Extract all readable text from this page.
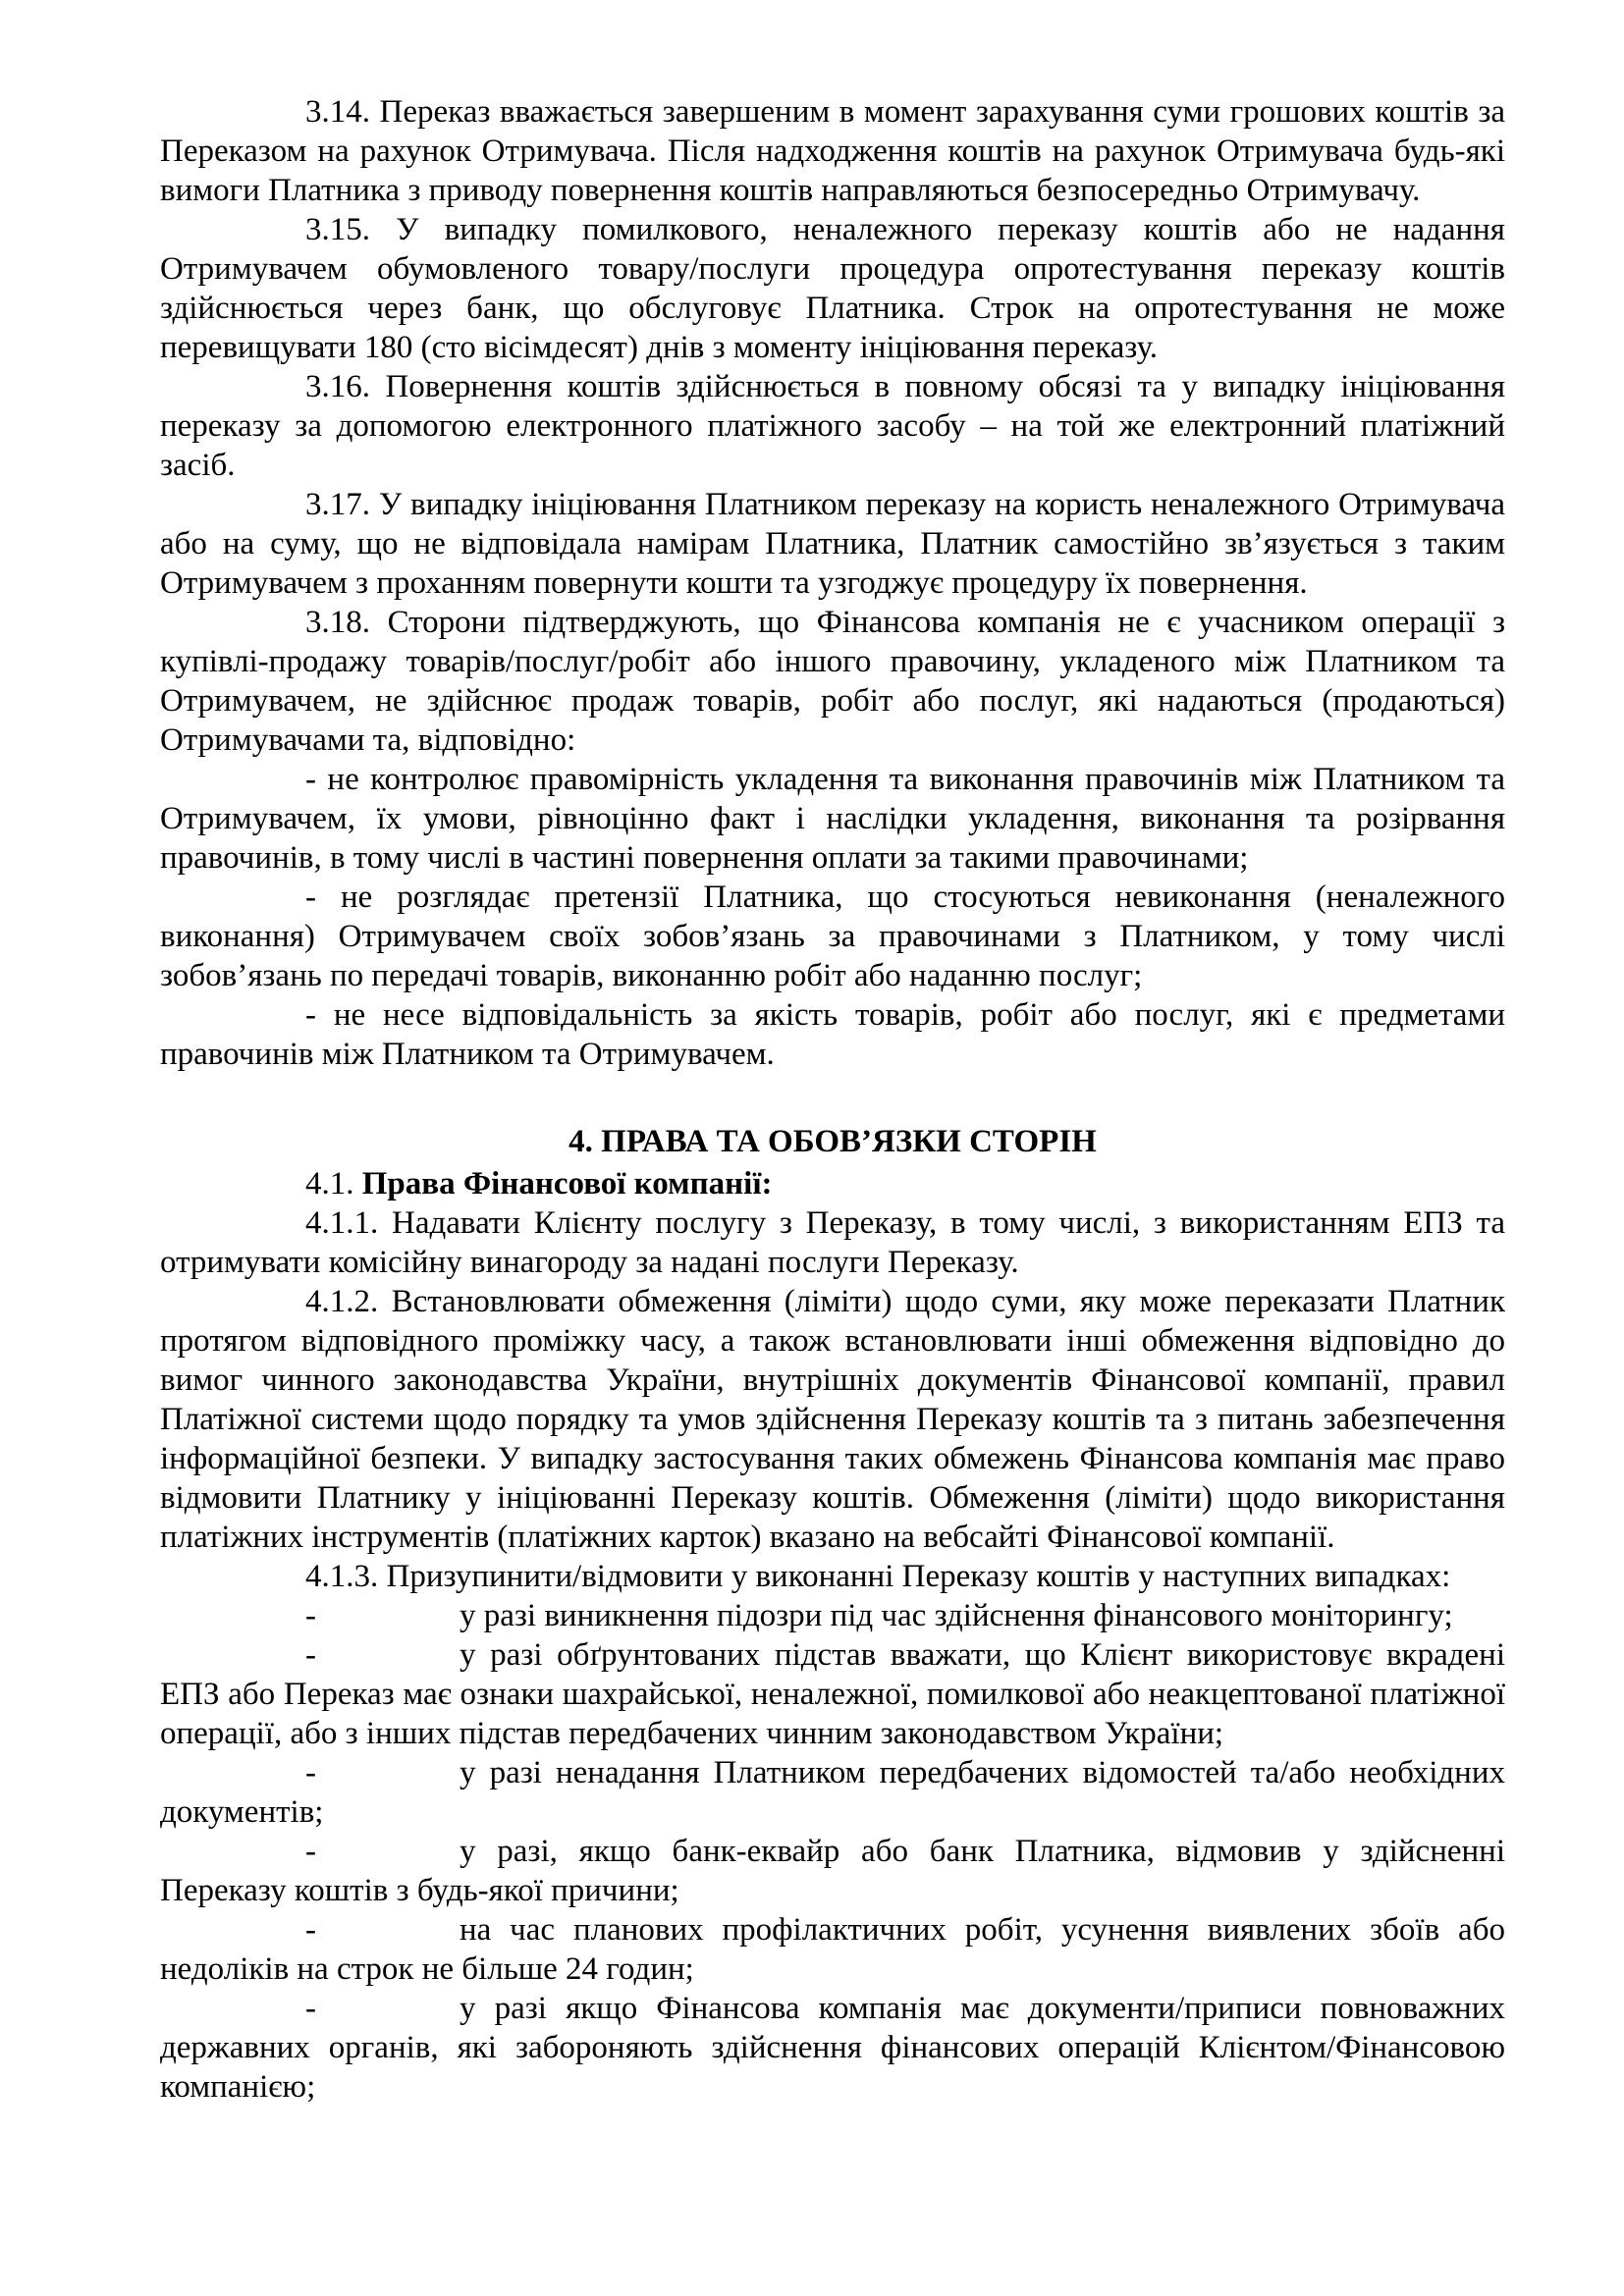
3.14. Переказ вважається завершеним в момент зарахування суми грошових коштів за Переказом на рахунок Отримувача. Після надходження коштів на рахунок Отримувача будь-які вимоги Платника з приводу повернення коштів направляються безпосередньо Отримувачу.

3.15. У випадку помилкового, неналежного переказу коштів або не надання Отримувачем обумовленого товару/послуги процедура опротестування переказу коштів здійснюється через банк, що обслуговує Платника. Строк на опротестування не може перевищувати 180 (сто вісімдесят) днів з моменту ініціювання переказу.

3.16. Повернення коштів здійснюється в повному обсязі та у випадку ініціювання переказу за допомогою електронного платіжного засобу – на той же електронний платіжний засіб.

3.17. У випадку ініціювання Платником переказу на користь неналежного Отримувача або на суму, що не відповідала намірам Платника, Платник самостійно зв’язується з таким Отримувачем з проханням повернути кошти та узгоджує процедуру їх повернення.

3.18. Сторони підтверджують, що Фінансова компанія не є учасником операції з купівлі-продажу товарів/послуг/робіт або іншого правочину, укладеного між Платником та Отримувачем, не здійснює продаж товарів, робіт або послуг, які надаються (продаються) Отримувачами та, відповідно:

- не контролює правомірність укладення та виконання правочинів між Платником та Отримувачем, їх умови, рівноцінно факт і наслідки укладення, виконання та розірвання правочинів, в тому числі в частині повернення оплати за такими правочинами;

- не розглядає претензії Платника, що стосуються невиконання (неналежного виконання) Отримувачем своїх зобов’язань за правочинами з Платником, у тому числі зобов’язань по передачі товарів, виконанню робіт або наданню послуг;

- не несе відповідальність за якість товарів, робіт або послуг, які є предметами правочинів між Платником та Отримувачем.

4. ПРАВА ТА ОБОВ’ЯЗКИ СТОРІН

4.1. Права Фінансової компанії:

4.1.1. Надавати Клієнту послугу з Переказу, в тому числі, з використанням ЕПЗ та отримувати комісійну винагороду за надані послуги Переказу.

4.1.2. Встановлювати обмеження (ліміти) щодо суми, яку може переказати Платник протягом відповідного проміжку часу, а також встановлювати інші обмеження відповідно до вимог чинного законодавства України, внутрішніх документів Фінансової компанії, правил Платіжної системи щодо порядку та умов здійснення Переказу коштів та з питань забезпечення інформаційної безпеки. У випадку застосування таких обмежень Фінансова компанія має право відмовити Платнику у ініціюванні Переказу коштів. Обмеження (ліміти) щодо використання платіжних інструментів (платіжних карток) вказано на вебсайті Фінансової компанії.

4.1.3. Призупинити/відмовити у виконанні Переказу коштів у наступних випадках:

-	у разі виникнення підозри під час здійснення фінансового моніторингу;

-	у разі обґрунтованих підстав вважати, що Клієнт використовує вкрадені ЕПЗ або Переказ має ознаки шахрайської, неналежної, помилкової або неакцептованої платіжної операції, або з інших підстав передбачених чинним законодавством України;

-	у разі ненадання Платником передбачених відомостей та/або необхідних документів;

-	у разі, якщо банк-еквайр або банк Платника, відмовив у здійсненні Переказу коштів з будь-якої причини;

-	на час планових профілактичних робіт, усунення виявлених збоїв або недоліків на строк не більше 24 годин;

-	у разі якщо Фінансова компанія має документи/приписи повноважних державних органів, які забороняють здійснення фінансових операцій Клієнтом/Фінансовою компанією;
